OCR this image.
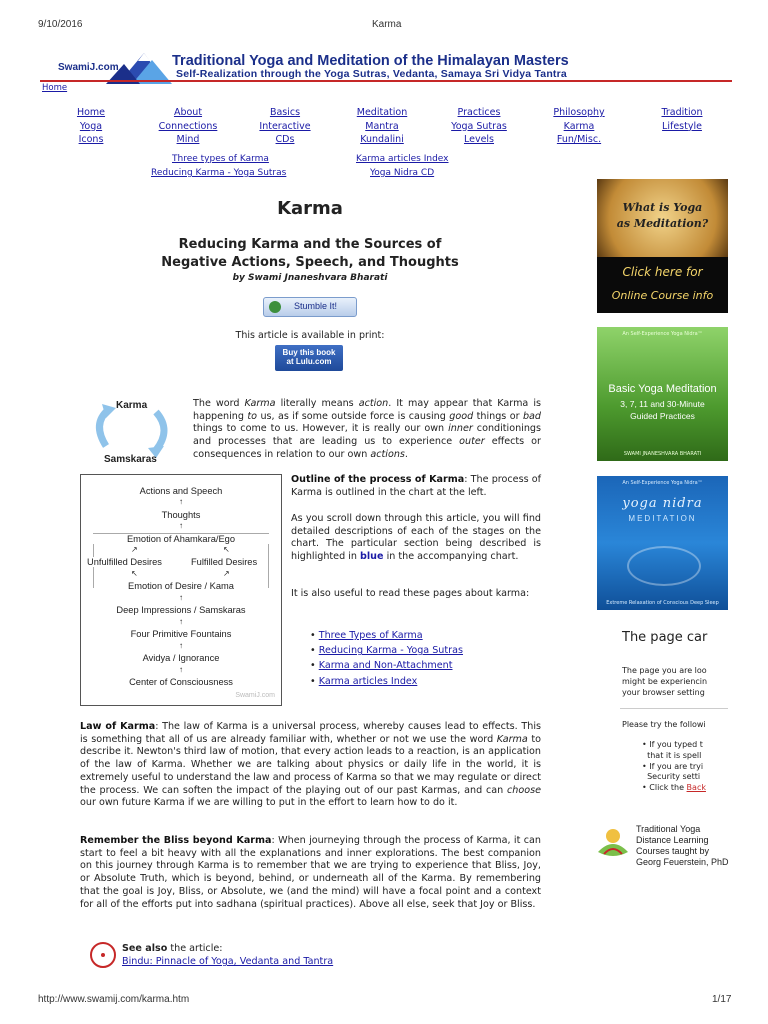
9/10/2016	Karma
SwamiJ.com	Traditional Yoga and Meditation of the Himalayan Masters
Self-Realization through the Yoga Sutras, Vedanta, Samaya Sri Vidya Tantra
Home
Home
Yoga
Icons
About
Connections
Mind
Basics
Interactive
CDs
Meditation
Mantra
Kundalini
Practices
Yoga Sutras
Levels
Philosophy
Karma
Fun/Misc.
Tradition
Lifestyle
Three types of Karma	Karma articles Index
Reducing Karma - Yoga Sutras	Yoga Nidra CD
Karma
Reducing Karma and the Sources of
Negative Actions, Speech, and Thoughts
by Swami Jnaneshvara Bharati
Stumble It!
This article is available in print:
Buy this book
at Lulu.com
Karma
Samskaras
The word Karma literally means action. It may appear that Karma is happening to us, as if some outside force is causing good things or bad things to come to us. However, it is really our own inner conditionings and processes that are leading us to experience outer effects or consequences in relation to our own actions.
Actions and Speech
↑
Thoughts
↑
Emotion of Ahamkara/Ego
↗	↖
Unfulfilled Desires	Fulfilled Desires
↖	↗
Emotion of Desire / Kama
↑
Deep Impressions / Samskaras
↑
Four Primitive Fountains
↑
Avidya / Ignorance
↑
Center of Consciousness
SwamiJ.com
Outline of the process of Karma: The process of Karma is outlined in the chart at the left.
As you scroll down through this article, you will find detailed descriptions of each of the stages on the chart. The particular section being described is highlighted in blue in the accompanying chart.
It is also useful to read these pages about karma:
• Three Types of Karma
• Reducing Karma - Yoga Sutras
• Karma and Non-Attachment
• Karma articles Index
Law of Karma: The law of Karma is a universal process, whereby causes lead to effects. This is something that all of us are already familiar with, whether or not we use the word Karma to describe it. Newton's third law of motion, that every action leads to a reaction, is an application of the law of Karma. Whether we are talking about physics or daily life in the world, it is extremely useful to understand the law and process of Karma so that we may regulate or direct the process. We can soften the impact of the playing out of our past Karmas, and can choose our own future Karma if we are willing to put in the effort to learn how to do it.
Remember the Bliss beyond Karma: When journeying through the process of Karma, it can start to feel a bit heavy with all the explanations and inner explorations. The best companion on this journey through Karma is to remember that we are trying to experience that Bliss, Joy, or Absolute Truth, which is beyond, behind, or underneath all of the Karma. By remembering that the goal is Joy, Bliss, or Absolute, we (and the mind) will have a focal point and a context for all of the efforts put into sadhana (spiritual practices). Above all else, seek that Joy or Bliss.
See also the article:
Bindu: Pinnacle of Yoga, Vedanta and Tantra
What is Yoga
as Meditation?
Click here for
Online Course info
An Self-Experience Yoga Nidra™
Basic Yoga Meditation
3, 7, 11 and 30-Minute
Guided Practices
SWAMI JNANESHVARA BHARATI
An Self-Experience Yoga Nidra™
yoga nidra
MEDITATION
Extreme Relaxation of Conscious Deep Sleep
The page car
The page you are loo
might be experiencin
your browser setting
Please try the followi
• If you typed t
that it is spell
• If you are tryi
Security setti
• Click the Back
Traditional Yoga
Distance Learning
Courses taught by
Georg Feuerstein, PhD
http://www.swamij.com/karma.htm	1/17
